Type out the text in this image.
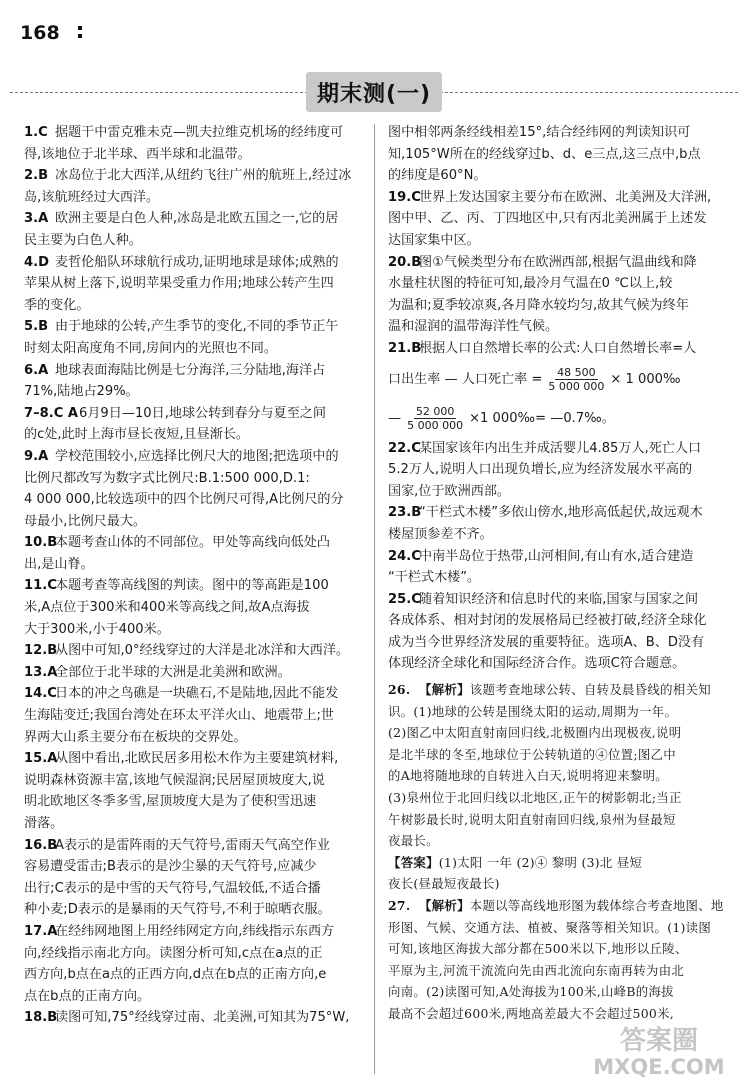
168
期末测(一)
1.C 据题干中雷克雅未克—凯夫拉维克机场的经纬度可
得,该地位于北半球、西半球和北温带。
2.B 冰岛位于北大西洋,从纽约飞往广州的航班上,经过冰
岛,该航班经过大西洋。
3.A 欧洲主要是白色人种,冰岛是北欧五国之一,它的居
民主要为白色人种。
4.D 麦哲伦船队环球航行成功,证明地球是球体;成熟的
苹果从树上落下,说明苹果受重力作用;地球公转产生四
季的变化。
5.B 由于地球的公转,产生季节的变化,不同的季节正午
时刻太阳高度角不同,房间内的光照也不同。
6.A 地球表面海陆比例是七分海洋,三分陆地,海洋占
71%,陆地占29%。
7–8.C A 6月9日—10日,地球公转到春分与夏至之间
的c处,此时上海市昼长夜短,且昼渐长。
9.A 学校范围较小,应选择比例尺大的地图;把选项中的
比例尺都改写为数字式比例尺:B.1:500 000,D.1:
4 000 000,比较选项中的四个比例尺可得,A比例尺的分
母最小,比例尺最大。
10.B
本题考查山体的不同部位。甲处等高线向低处凸
出,是山脊。
11.C
本题考查等高线图的判读。图中的等高距是100
米,A点位于300米和400米等高线之间,故A点海拔
大于300米,小于400米。
12.B
从图中可知,0°经线穿过的大洋是北冰洋和大西洋。
13.A
全部位于北半球的大洲是北美洲和欧洲。
14.C
日本的冲之鸟礁是一块礁石,不是陆地,因此不能发
生海陆变迁;我国台湾处在环太平洋火山、地震带上;世
界两大山系主要分布在板块的交界处。
15.A
从图中看出,北欧民居多用松木作为主要建筑材料,
说明森林资源丰富,该地气候湿润;民居屋顶坡度大,说
明北欧地区冬季多雪,屋顶坡度大是为了使积雪迅速
滑落。
16.B
A表示的是雷阵雨的天气符号,雷雨天气高空作业
容易遭受雷击;B表示的是沙尘暴的天气符号,应减少
出行;C表示的是中雪的天气符号,气温较低,不适合播
种小麦;D表示的是暴雨的天气符号,不利于晾晒衣服。
17.A
在经纬网地图上用经纬网定方向,纬线指示东西方
向,经线指示南北方向。读图分析可知,c点在a点的正
西方向,b点在a点的正西方向,d点在b点的正南方向,e
点在b点的正南方向。
18.B
读图可知,75°经线穿过南、北美洲,可知其为75°W,
图中相邻两条经线相差15°,结合经纬网的判读知识可
知,105°W所在的经线穿过b、d、e三点,这三点中,b点
的纬度是60°N。
19.C
世界上发达国家主要分布在欧洲、北美洲及大洋洲,
图中甲、乙、丙、丁四地区中,只有丙北美洲属于上述发
达国家集中区。
20.B
图①气候类型分布在欧洲西部,根据气温曲线和降
水量柱状图的特征可知,最冷月气温在0 ℃以上,较
为温和;夏季较凉爽,各月降水较均匀,故其气候为终年
温和湿润的温带海洋性气候。
21.B
根据人口自然增长率的公式:人口自然增长率=人
口出生率 — 人口死亡率 = $\frac{48 500}{5 000 000} \times 1$ 000‰
— $\frac{52 000}{5 000 000} \times 1$ 000‰= —0.7‰。
22.C
某国家该年内出生并成活婴儿4.85万人,死亡人口
5.2万人,说明人口出现负增长,应为经济发展水平高的
国家,位于欧洲西部。
23.B
“干栏式木楼”多依山傍水,地形高低起伏,故远观木
楼屋顶参差不齐。
24.C
中南半岛位于热带,山河相间,有山有水,适合建造
“干栏式木楼”。
25.C
随着知识经济和信息时代的来临,国家与国家之间
各成体系、相对封闭的发展格局已经被打破,经济全球化
成为当今世界经济发展的重要特征。选项A、B、D没有
体现经济全球化和国际经济合作。选项C符合题意。
26. 【解析】该题考查地球公转、自转及晨昏线的相关知
识。(1)地球的公转是围绕太阳的运动,周期为一年。
(2)图乙中太阳直射南回归线,北极圈内出现极夜,说明
是北半球的冬至,地球位于公转轨道的④位置;图乙中
的A地将随地球的自转进入白天,说明将迎来黎明。
(3)泉州位于北回归线以北地区,正午的树影朝北;当正
午树影最长时,说明太阳直射南回归线,泉州为昼最短
夜最长。
【答案】(1)太阳 一年 (2)④ 黎明 (3)北 昼短
夜长(昼最短夜最长)
27. 【解析】本题以等高线地形图为载体综合考查地图、地
形图、气候、交通方法、植被、聚落等相关知识。(1)读图
可知,该地区海拔大部分都在500米以下,地形以丘陵、
平原为主,河流干流流向先由西北流向东南再转为由北
向南。(2)读图可知,A处海拔为100米,山峰B的海拔
最高不会超过600米,两地高差最大不会超过500米,
答案圈
MXQE.COM
